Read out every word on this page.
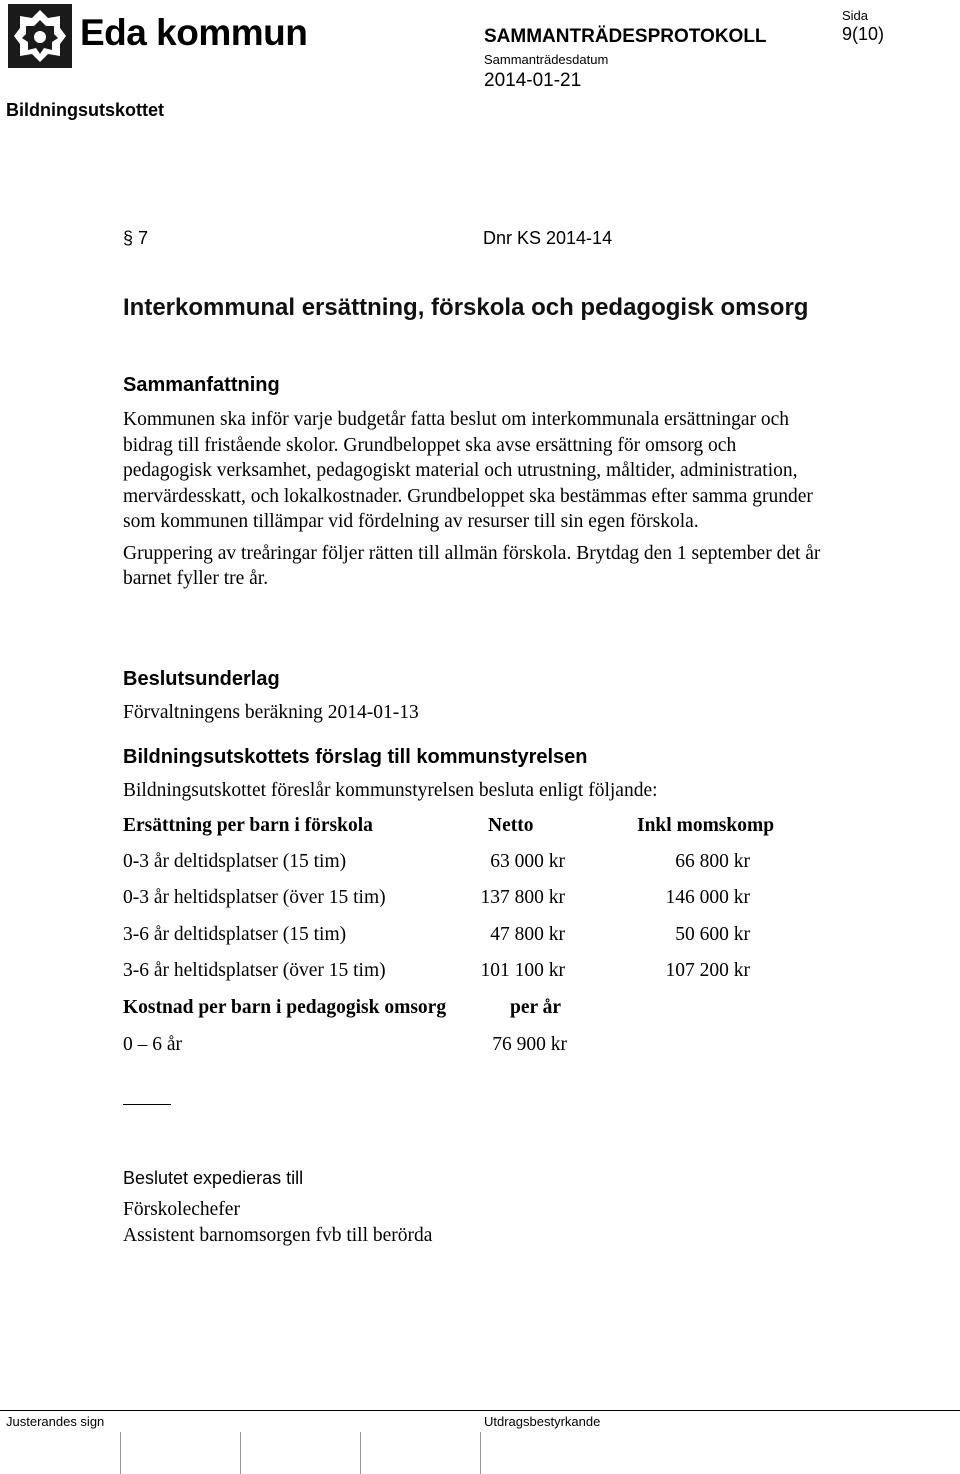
Eda kommun	SAMMANTRÄDESPROTOKOLL
Sammanträdesdatum
2014-01-21
Sida
9(10)
Bildningsutskottet
§ 7	Dnr KS 2014-14
Interkommunal ersättning, förskola och pedagogisk omsorg
Sammanfattning

Kommunen ska inför varje budgetår fatta beslut om interkommunala ersättningar och bidrag till fristående skolor. Grundbeloppet ska avse ersättning för omsorg och pedagogisk verksamhet, pedagogiskt material och utrustning, måltider, administration, mervärdesskatt, och lokalkostnader. Grundbeloppet ska bestämmas efter samma grunder som kommunen tillämpar vid fördelning av resurser till sin egen förskola.

Gruppering av treåringar följer rätten till allmän förskola. Brytdag den 1 september det år barnet fyller tre år.

Beslutsunderlag
Förvaltningens beräkning 2014-01-13
Bildningsutskottets förslag till kommunstyrelsen
Bildningsutskottet föreslår kommunstyrelsen besluta enligt följande:
Ersättning per barn i förskola	Netto	Inkl momskomp
0-3 år deltidsplatser (15 tim)	63 000 kr	66 800 kr
0-3 år heltidsplatser (över 15 tim)	137 800 kr	146 000 kr
3-6 år deltidsplatser (15 tim)	47 800 kr	50 600 kr
3-6 år heltidsplatser (över 15 tim)	101 100 kr	107 200 kr
Kostnad per barn i pedagogisk omsorg	per år
0 – 6 år	76 900 kr
Beslutet expedieras till

Förskolechefer

Assistent barnomsorgen fvb till berörda

Justerandes sign	Utdragsbestyrkande
